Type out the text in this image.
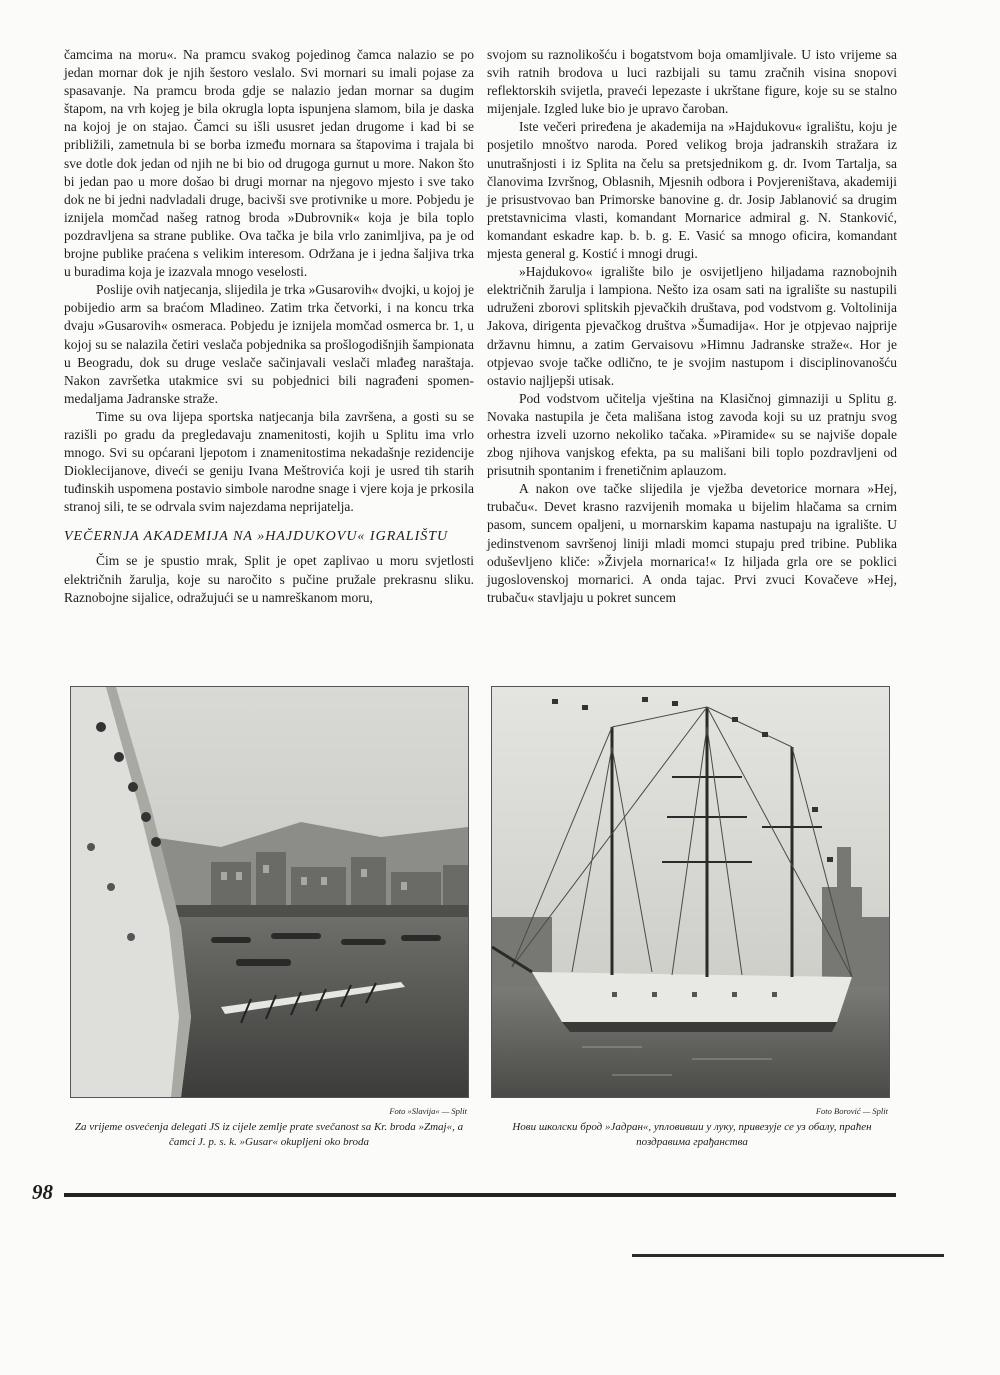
čamcima na moru«. Na pramcu svakog pojedinog čamca nalazio se po jedan mornar dok je njih šestoro veslalo. Svi mornari su imali pojase za spasavanje. Na pramcu broda gdje se nalazio jedan mornar sa dugim štapom, na vrh kojeg je bila okrugla lopta ispunjena slamom, bila je daska na kojoj je on stajao. Čamci su išli ususret jedan drugome i kad bi se približili, zametnula bi se borba između mornara sa štapovima i trajala bi sve dotle dok jedan od njih ne bi bio od drugoga gurnut u more. Nakon što bi jedan pao u more došao bi drugi mornar na njegovo mjesto i sve tako dok ne bi jedni nadvladali druge, bacivši sve protivnike u more. Pobjedu je iznijela momčad našeg ratnog broda »Dubrovnik« koja je bila toplo pozdravljena sa strane publike. Ova tačka je bila vrlo zanimljiva, pa je od brojne publike praćena s velikim interesom. Održana je i jedna šaljiva trka u buradima koja je izazvala mnogo veselosti.

Poslije ovih natjecanja, slijedila je trka »Gusarovih« dvojki, u kojoj je pobijedio arm sa braćom Mladineo. Zatim trka četvorki, i na koncu trka dvaju »Gusarovih« osmeraca. Pobjedu je iznijela momčad osmerca br. 1, u kojoj su se nalazila četiri veslača pobjednika sa prošlogodišnjih šampionata u Beogradu, dok su druge veslače sačinjavali veslači mlađeg naraštaja. Nakon završetka utakmice svi su pobjednici bili nagrađeni spomen-medaljama Jadranske straže.

Time su ova lijepa sportska natjecanja bila završena, a gosti su se razišli po gradu da pregledavaju znamenitosti, kojih u Splitu ima vrlo mnogo. Svi su općarani ljepotom i znamenitostima nekadašnje rezidencije Dioklecijanove, diveći se geniju Ivana Meštrovića koji je usred tih starih tuđinskih uspomena postavio simbole narodne snage i vjere koja je prkosila stranoj sili, te se odrvala svim najezdama neprijatelja.

VEČERNJA AKADEMIJA NA »HAJDUKOVU« IGRALIŠTU

Čim se je spustio mrak, Split je opet zaplivao u moru svjetlosti električnih žarulja, koje su naročito s pučine pružale prekrasnu sliku. Raznobojne sijalice, odražujući se u namreškanom moru,

svojom su raznolikošću i bogatstvom boja omamljivale. U isto vrijeme sa svih ratnih brodova u luci razbijali su tamu zračnih visina snopovi reflektorskih svijetla, praveći lepezaste i ukrštane figure, koje su se stalno mijenjale. Izgled luke bio je upravo čaroban.

Iste večeri priređena je akademija na »Hajdukovu« igralištu, koju je posjetilo mnoštvo naroda. Pored velikog broja jadranskih stražara iz unutrašnjosti i iz Splita na čelu sa pretsjednikom g. dr. Ivom Tartalja, sa članovima Izvršnog, Oblasnih, Mjesnih odbora i Povjereništava, akademiji je prisustvovao ban Primorske banovine g. dr. Josip Jablanović sa drugim pretstavnicima vlasti, komandant Mornarice admiral g. N. Stanković, komandant eskadre kap. b. b. g. E. Vasić sa mnogo oficira, komandant mjesta general g. Kostić i mnogi drugi.

»Hajdukovo« igralište bilo je osvijetljeno hiljadama raznobojnih električnih žarulja i lampiona. Nešto iza osam sati na igralište su nastupili udruženi zborovi splitskih pjevačkih društava, pod vodstvom g. Voltolinija Jakova, dirigenta pjevačkog društva »Šumadija«. Hor je otpjevao najprije državnu himnu, a zatim Gervaisovu »Himnu Jadranske straže«. Hor je otpjevao svoje tačke odlično, te je svojim nastupom i disciplinovanošću ostavio najljepši utisak.

Pod vodstvom učitelja vještina na Klasičnoj gimnaziji u Splitu g. Novaka nastupila je četa mališana istog zavoda koji su uz pratnju svog orhestra izveli uzorno nekoliko tačaka. »Piramide« su se najviše dopale zbog njihova vanjskog efekta, pa su mališani bili toplo pozdravljeni od prisutnih spontanim i frenetičnim aplauzom.

A nakon ove tačke slijedila je vježba devetorice mornara »Hej, trubaču«. Devet krasno razvijenih momaka u bijelim hlačama sa crnim pasom, suncem opaljeni, u mornarskim kapama nastupaju na igralište. U jedinstvenom savršenoj liniji mladi momci stupaju pred tribine. Publika oduševljeno kliče: »Živjela mornarica!« Iz hiljada grla ore se poklici jugoslovenskoj mornarici. A onda tajac. Prvi zvuci Kovačeve »Hej, trubaču« stavljaju u pokret suncem

Foto »Slavija« — Split	Foto Borović — Split
Za vrijeme osvećenja delegati JS iz cijele zemlje prate svečanost sa Kr. broda »Zmaj«, a čamci J. p. s. k. »Gusar« okupljeni oko broda
Нови школски брод »Јадран«, упловивши у луку, привезује се уз обалу, праћен поздравима грађанства
98
